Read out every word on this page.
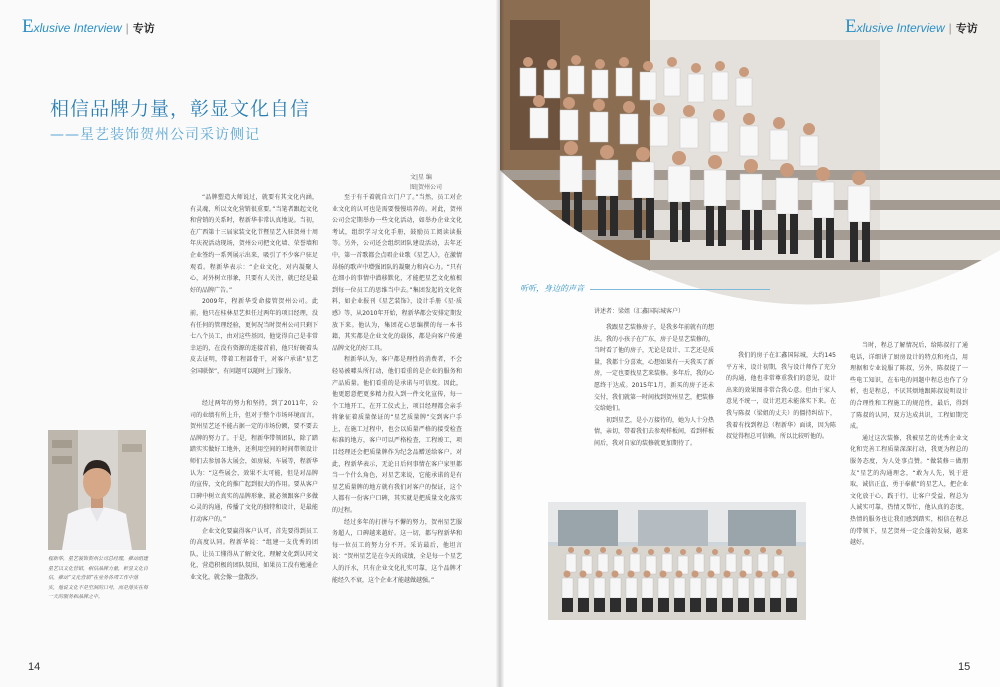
Exlusive Interview | 专访
相信品牌力量，彰显文化自信
——星艺装饰贺州公司采访侧记
文|星 编
图|贺州公司

“品牌塑造大师说过，就要有其文化内涵，有灵魂，所以文化营销很重要。”当笔者跟起文化和营销的关系时，程新华非常认真地说。当初，在广西第十三届家装文化节暨星艺入驻贺州十周年庆祝活动现场，贺州公司把文化墙、荣誉墙和企业签约一系列展示出来，吸引了不少客户驻足观看。程新华表示：“企业文化，对内凝聚人心，对外树立形象，只要有人关注，就已经是最好的品牌广告。”

2009年，程新华受命接管贺州公司。此前，他只在桂林星艺担任过两年的项目经理，没有任何的管理经验，更何况当时贺州公司只剩下七八个员工，由对这些基因，他觉得自己是非常幸运的，在没有资源的连接首前，他只好硬着头皮去证明，带着工程部骨干，对客户承诺“星艺全国联保”，有问题可以随时上门服务。

经过两年的努力和坚持，到了2011年，公司的业绩有所上升，但对于整个市场环境而言，贺州星艺还不能占据一定的市场份额，要不要去品牌的努力了。于是，程新华带领团队，除了踏踏实实做好工地外，还利用空间的时间带领设计师们去参加各大展会，如房展、车展等，程新华认为：“这些展会，效果不太可能，但是对品牌的宣传，文化的推广起到很大的作用。要从客户口碑中树立真实的品牌形象，就必须跟客户多做心灵的沟通，传播了文化的独特和设计，是最能打动客户的。”

企业文化要赢得客户认可，首先要得到员工的高度认同。程新华说：“组建一支优秀的团队，让员工懂得从了解文化、理解文化到认同文化，营造积极的团队氛围，如果员工没有勉通企业文化，就会像一盘散沙。

至于有千着就自立门户了。”当然，员工对企业文化的认可也是需要慢慢培养的。对此，贺州公司会定期举办一些文化活动，如举办企业文化考试，组织学习文化手册，鼓励员工阅读读报等。另外，公司还会组织团队建设活动，去年还中，第一首歌都会点唱企业歌《星艺人》，在激情昂扬的歌声中增强团队的凝聚力和向心力。“只有在细小的事情中潜移默化，才能把星艺文化植根到每一位员工的思维当中去。”集团发起的文化资料，如企业报刊《星艺装饰》，设计手册《星·质感》等，从2010年开始，程新华都会安排定期发放下来。他认为，集团花心思编撰的每一本书籍，其实都是企业文化的载体，都是向客户传递品牌文化的好工具。

程新华认为，客户都是理性的消费者，不会轻易被噱头所打动，他们看重的是企业的服务和产品质量。他们看重的是承诺与可信度。因此，他更愿意把更多精力投入到一件文化宣传，每一个工地开工，在开工仪式上，项目经理都会亲手将象征着质量保证的“星艺质量牌”交到客户手上，在施工过程中，也会以质量严格的接受检查标准的地方，客户可以严格检查，工程竣工，项目经理还会把质量牌作为纪念品赠送给客户。对此，程新华表示，无论日后何事情在客户家里都当一个什么角色，对星艺来说，它能承诺的是有星艺质量牌的地方就有我们对客户的保证，这个人都有一份客户口碑，其实就是把质量文化落实的过程。

经过多年的打拼与不懈的努力，贺州星艺服务超人，口碑越来越好。这一切，都与程新华和每一位员工的努力分不开。采访最后，他坦言说：“贺州星艺是在今天的成绩，全是每一个星艺人的汗水，只有企业文化扎实可靠，这个品牌才能经久不衰，这个企业才能越做越强。”

程新华，星艺装饰贺州公司总经理，推动组建星艺以文化营销，相信品牌力量，彰显文化自信，推动“文化营销”在业务各项工作中落实，他说文化不是空洞的口号，而是落实在每一天的服务和品牌之中。
14
Exlusive Interview | 专访
听听，身边的声音
讲述者：梁姐（汇鑫国际城客户）

我跟星艺装修房子，是我多年前就有的想法。我的小孩子在广东，房子是星艺装修的，当时看了他的房子，无论是设计、工艺还是质量，我都十分喜欢，心想如果有一天我买了新房，一定也要找星艺来装修。多年后，我的心愿终于达成。2015年1月，新买的房子还未交付，我们就第一时间找到贺州星艺，把装修交给她们。

初到星艺，是小万接待的，她为人十分热情，亲切，带着我们去参观样板间，看到样板间后，我对自家的装修就更加期待了。

我们的房子在汇鑫国际城，大约145平方米，设计初期，我与设计师作了充分的沟通，他也非常尊重我们的意见，设计出来的效果图非常合我心意。但由于家人意见不统一，设计迟迟未能落实下来。在我与陈叔（梁姐的丈夫）的僵持纠结下，我着有找到程总（程新华）面谈，因为陈叔觉得程总可信赖，所以比较听他的。

当时，程总了解情况后，给陈叔打了通电话，详细讲了厨房设计的特点和亮点，用理据和专业说服了陈叔，另外，陈叔提了一些电工知识，在布电的问题中程总也作了分析，也是程总，不厌其烦地跟陈叔说明设计的合理性和工程施工的规范性，最后，得到了陈叔的认同，双方达成共识，工程如期完成。

通过这次装修，我被星艺的优秀企业文化和完善工程质量深深打动，我更为程总的服务态度，为人处事点赞。“做装修＝做朋友”星艺的沟通理念，“敢为人先，锐于进取，诚信正直，勇于奉献”的星艺人，把企业文化放于心，践于行，让客户受益，程总为人诚实可靠，热情又帮忙，他认真的态度，热情的服务也让我们感到踏实，相信在程总的带领下，星艺贺州一定会蓬勃发展，越来越好。

15
